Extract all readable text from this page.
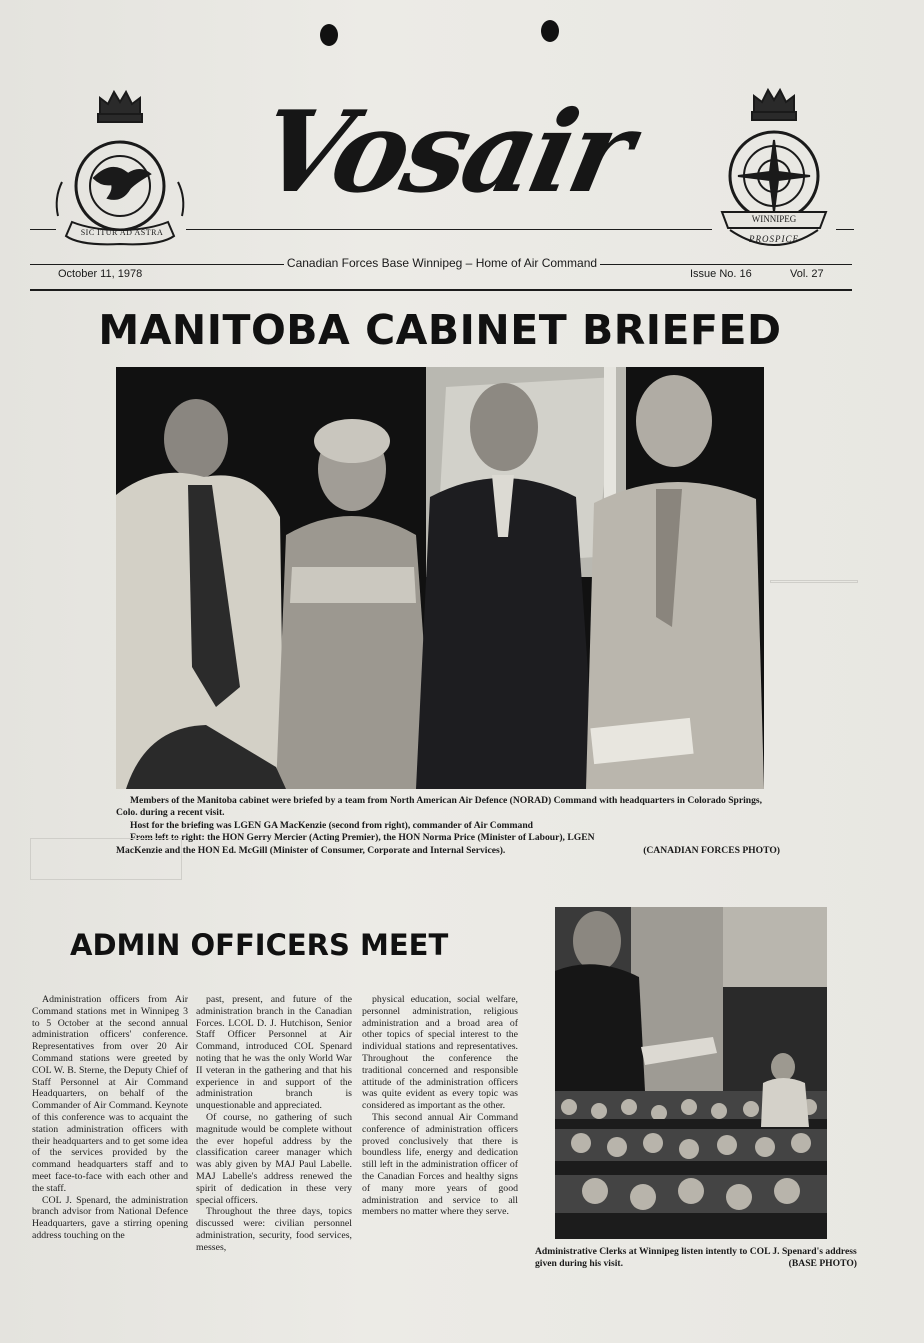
SIC ITUR AD ASTRA
Vosair
WINNIPEG
PROSPICE
Canadian Forces Base Winnipeg – Home of Air Command
October 11, 1978	Issue No. 16	Vol. 27
MANITOBA CABINET BRIEFED

Members of the Manitoba cabinet were briefed by a team from North American Air Defence (NORAD) Command with headquarters in Colorado Springs, Colo. during a recent visit.

Host for the briefing was LGEN GA MacKenzie (second from right), commander of Air Command

From left to right: the HON Gerry Mercier (Acting Premier), the HON Norma Price (Minister of Labour), LGEN MacKenzie and the HON Ed. McGill (Minister of Consumer, Corporate and Internal Services).	(CANADIAN FORCES PHOTO)
ADMIN OFFICERS MEET

Administration officers from Air Command stations met in Winnipeg 3 to 5 October at the second annual administration officers' conference. Representatives from over 20 Air Command stations were greeted by COL W. B. Sterne, the Deputy Chief of Staff Personnel at Air Command Headquarters, on behalf of the Commander of Air Command. Keynote of this conference was to acquaint the station administration officers with their headquarters and to get some idea of the services provided by the command headquarters staff and to meet face-to-face with each other and the staff.

COL J. Spenard, the administration branch advisor from National Defence Headquarters, gave a stirring opening address touching on the

past, present, and future of the administration branch in the Canadian Forces. LCOL D. J. Hutchison, Senior Staff Officer Personnel at Air Command, introduced COL Spenard noting that he was the only World War II veteran in the gathering and that his experience in and support of the administration branch is unquestionable and appreciated.

Of course, no gathering of such magnitude would be complete without the ever hopeful address by the classification career manager which was ably given by MAJ Paul Labelle. MAJ Labelle's address renewed the spirit of dedication in these very special officers.

Throughout the three days, topics discussed were: civilian personnel administration, security, food services, messes,

physical education, social welfare, personnel administration, religious administration and a broad area of other topics of special interest to the individual stations and representatives. Throughout the conference the traditional concerned and responsible attitude of the administration officers was quite evident as every topic was considered as important as the other.

This second annual Air Command conference of administration officers proved conclusively that there is boundless life, energy and dedication still left in the administration officer of the Canadian Forces and healthy signs of many more years of good administration and service to all members no matter where they serve.

Administrative Clerks at Winnipeg listen intently to COL J. Spenard's address given during his visit.	(BASE PHOTO)
